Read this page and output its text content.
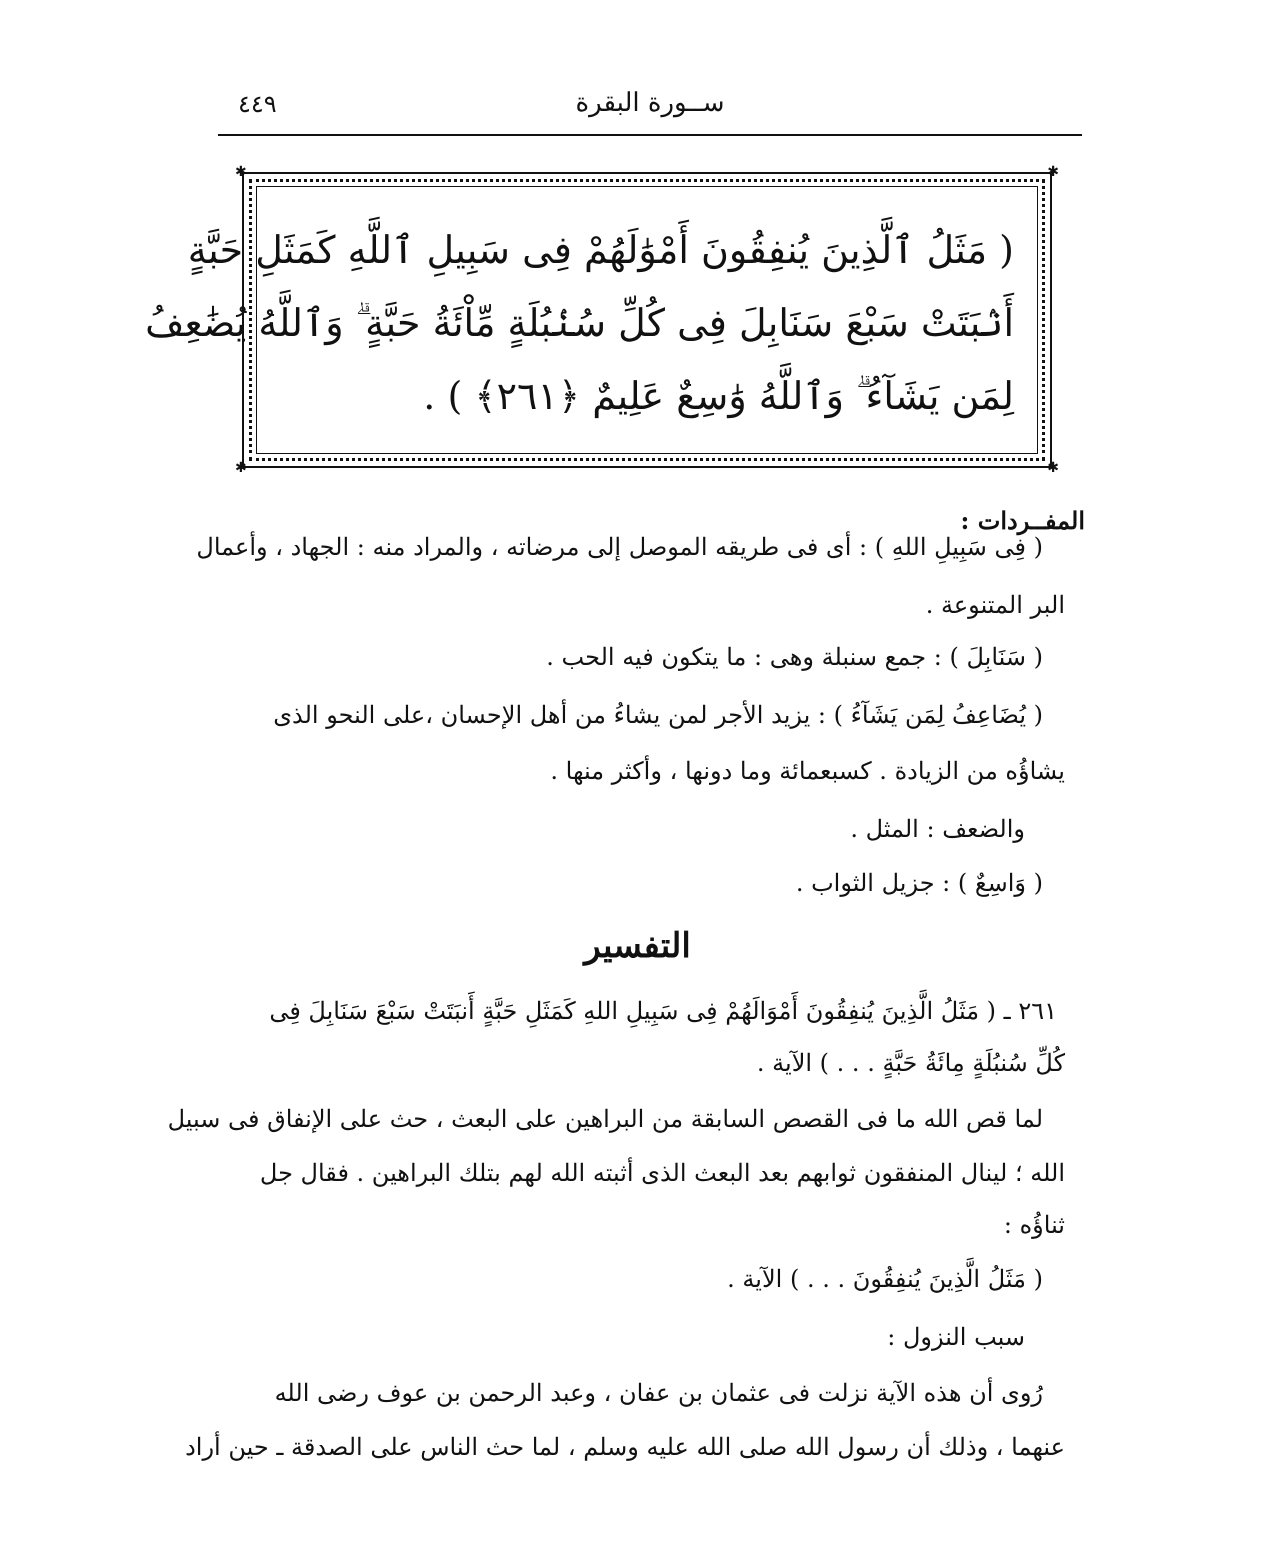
ســورة البقرة
٤٤٩
✱	✱
✱	✱
( مَثَلُ ٱلَّذِينَ يُنفِقُونَ أَمْوَٰلَهُمْ فِى سَبِيلِ ٱللَّهِ كَمَثَلِ حَبَّةٍ
أَنۢبَتَتْ سَبْعَ سَنَابِلَ فِى كُلِّ سُنۢبُلَةٍ مِّاْئَةُ حَبَّةٍ ۗ وَٱللَّهُ يُضَٰعِفُ
لِمَن يَشَآءُ ۗ وَٱللَّهُ وَٰسِعٌ عَلِيمٌ ﴿٢٦١﴾ ) .
المفــردات :
( فِى سَبِيلِ اللهِ ) : أى فى طريقه الموصل إلى مرضاته ، والمراد منه : الجهاد ، وأعمال
البر المتنوعة .
( سَنَابِلَ ) : جمع سنبلة وهى : ما يتكون فيه الحب .
( يُضَاعِفُ لِمَن يَشَآءُ ) : يزيد الأجر لمن يشاءُ من أهل الإحسان ،على النحو الذى
يشاؤُه من الزيادة . كسبعمائة وما دونها ، وأكثر منها .
والضعف : المثل .
( وَاسِعٌ ) : جزيل الثواب .
التفسير
٢٦١ ـ ( مَثَلُ الَّذِينَ يُنفِقُونَ أَمْوَالَهُمْ فِى سَبِيلِ اللهِ كَمَثَلِ حَبَّةٍ أَنبَتَتْ سَبْعَ سَنَابِلَ فِى
كُلِّ سُنبُلَةٍ مِائَةُ حَبَّةٍ . . . ) الآية .
لما قص الله ما فى القصص السابقة من البراهين على البعث ، حث على الإنفاق فى سبيل
الله ؛ لينال المنفقون ثوابهم بعد البعث الذى أثبته الله لهم بتلك البراهين . فقال جل
ثناؤُه :
( مَثَلُ الَّذِينَ يُنفِقُونَ . . . ) الآية .
سبب النزول :
رُوى أن هذه الآية نزلت فى عثمان بن عفان ، وعبد الرحمن بن عوف رضى الله
عنهما ، وذلك أن رسول الله صلى الله عليه وسلم ، لما حث الناس على الصدقة ـ حين أراد
